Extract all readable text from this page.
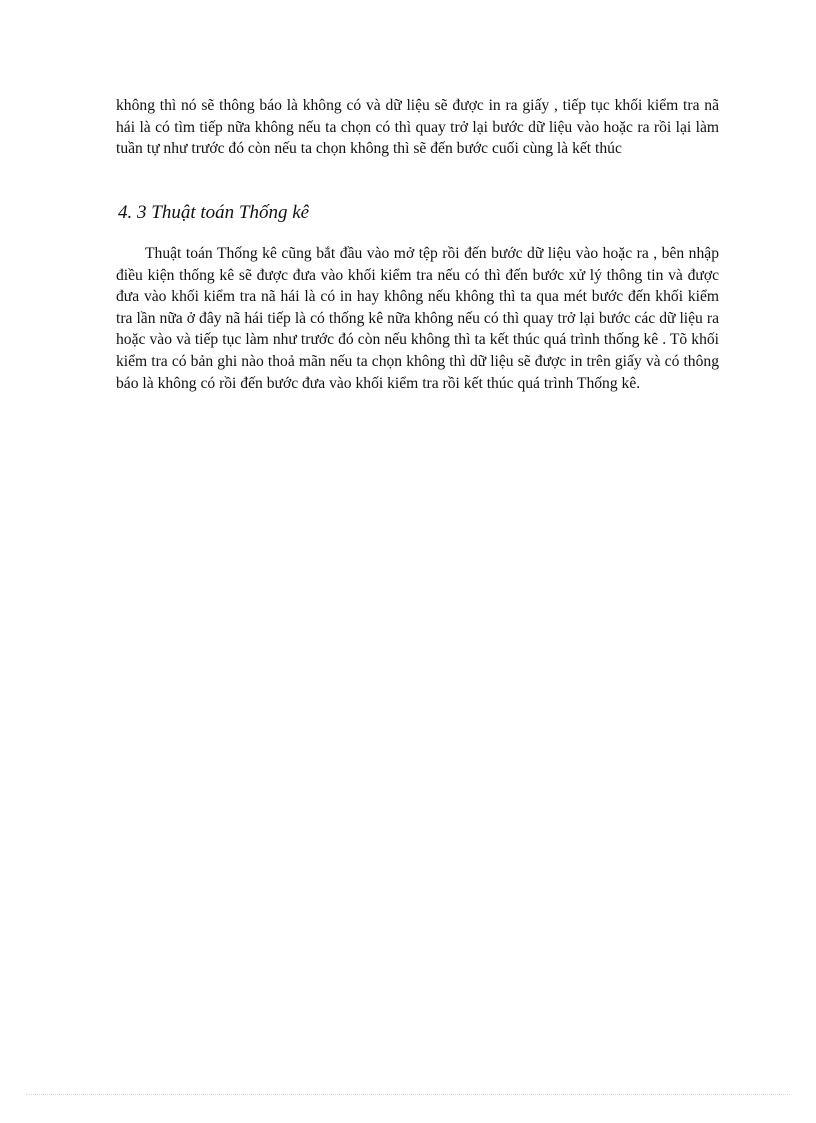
không thì nó sẽ thông báo là không có và dữ liệu sẽ được in ra giấy , tiếp tục khối kiểm tra nã hái là có tìm tiếp nữa không nếu ta chọn có thì quay trở lại bước dữ liệu vào hoặc ra rồi lại làm tuần tự như trước đó còn nếu ta chọn không thì sẽ đến bước cuối cùng là kết thúc

4. 3 Thuật toán Thống kê

Thuật toán Thống kê cũng bắt đầu vào mở tệp rồi đến bước dữ liệu vào hoặc ra , bên nhập điều kiện thống kê sẽ được đưa vào khối kiểm tra nếu có thì đến bước xử lý thông tin và được đưa vào khối kiểm tra nã hái là có in hay không nếu không thì ta qua mét bước đến khối kiểm tra lần nữa ở đây nã hái tiếp là có thống kê nữa không nếu có thì quay trở lại bước các dữ liệu ra hoặc vào và tiếp tục làm như trước đó còn nếu không thì ta kết thúc quá trình thống kê . Tõ khối kiểm tra có bản ghi nào thoả mãn nếu ta chọn không thì dữ liệu sẽ được in trên giấy và có thông báo là không có rồi đến bước đưa vào khối kiểm tra rồi kết thúc quá trình Thống kê.
